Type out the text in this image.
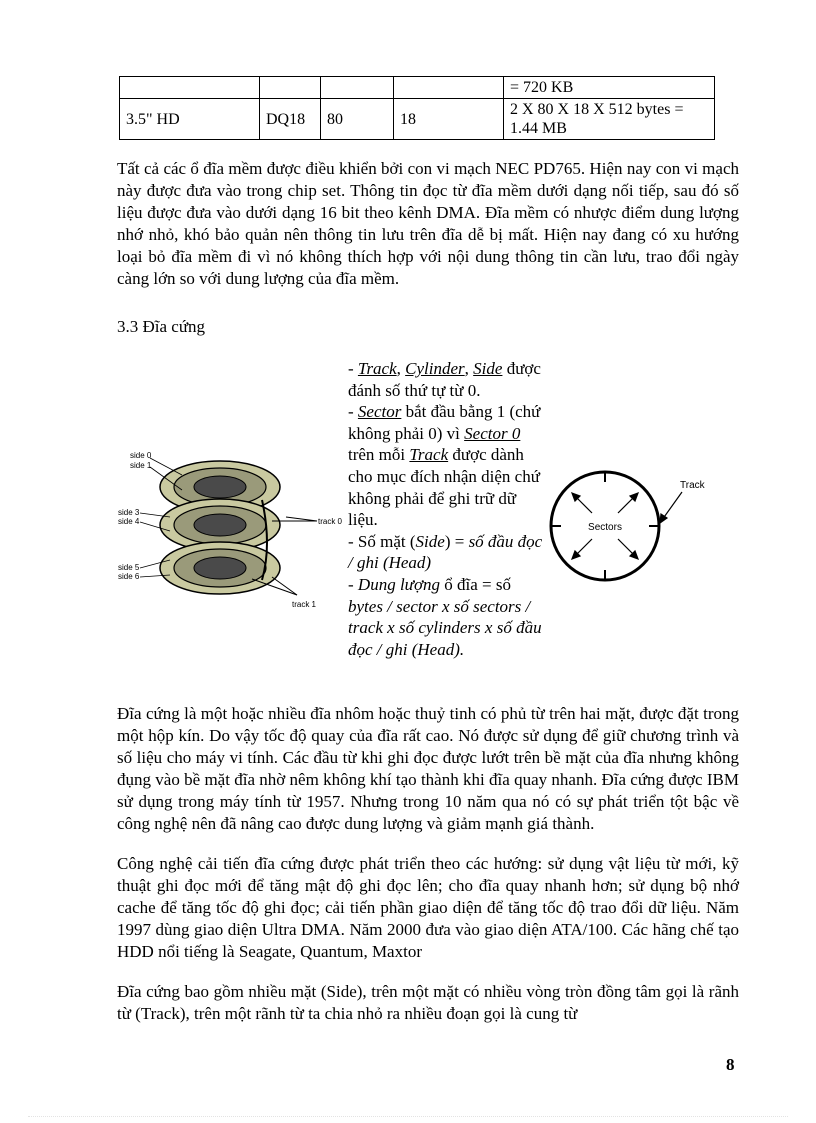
				= 720 KB
3.5" HD	DQ18	80	18	2 X 80 X 18 X 512 bytes = 1.44 MB

Tất cả các ổ đĩa mềm được điều khiển bởi con vi mạch NEC PD765. Hiện nay con vi mạch này được đưa vào trong chip set. Thông tin đọc từ đĩa mềm dưới dạng nối tiếp, sau đó số liệu được đưa vào dưới dạng 16 bit theo kênh DMA. Đĩa mềm có nhược điểm dung lượng nhớ nhỏ, khó bảo quản nên thông tin lưu trên đĩa dễ bị mất. Hiện nay đang có xu hướng loại bỏ đĩa mềm đi vì nó không thích hợp với nội dung thông tin cần lưu, trao đổi ngày càng lớn so với dung lượng của đĩa mềm.

3.3 Đĩa cứng

side 0
side 1
side 3
side 4
side 5
side 6
track 0
track 1

- Track, Cylinder, Side được đánh số thứ tự từ 0.

- Sector bắt đầu bằng 1 (chứ không phải 0) vì Sector 0 trên mỗi Track được dành cho mục đích nhận diện chứ không phải để ghi trữ dữ liệu.

- Số mặt (Side) = số đầu đọc / ghi (Head)

- Dung lượng ổ đĩa = số bytes / sector x số sectors / track x số cylinders x số đầu đọc / ghi (Head).

Sectors
Track

Đĩa cứng là một hoặc nhiều đĩa nhôm hoặc thuỷ tinh có phủ từ trên hai mặt, được đặt trong một hộp kín. Do vậy tốc độ quay của đĩa rất cao. Nó được sử dụng để giữ chương trình và số liệu cho máy vi tính. Các đầu từ khi ghi đọc được lướt trên bề mặt của đĩa nhưng không đụng vào bề mặt đĩa nhờ nêm không khí tạo thành khi đĩa quay nhanh. Đĩa cứng được IBM sử dụng trong máy tính từ 1957. Nhưng trong 10 năm qua nó có sự phát triển tột bậc về công nghệ nên đã nâng cao được dung lượng và giảm mạnh giá thành.

Công nghệ cải tiến đĩa cứng được phát triển theo các hướng: sử dụng vật liệu từ mới, kỹ thuật ghi đọc mới để tăng mật độ ghi đọc lên; cho đĩa quay nhanh hơn; sử dụng bộ nhớ cache để tăng tốc độ ghi đọc; cải tiến phần giao diện để tăng tốc độ trao đổi dữ liệu. Năm 1997 dùng giao diện Ultra DMA. Năm 2000 đưa vào giao diện ATA/100. Các hãng chế tạo HDD nổi tiếng là Seagate, Quantum, Maxtor

Đĩa cứng bao gồm nhiều mặt (Side), trên một mặt có nhiều vòng tròn đồng tâm gọi là rãnh từ (Track), trên một rãnh từ ta chia nhỏ ra nhiều đoạn gọi là cung từ

8
